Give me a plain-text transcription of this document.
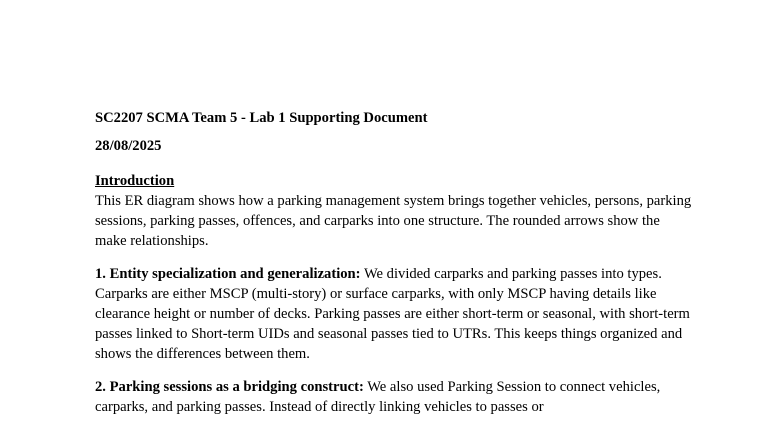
SC2207 SCMA Team 5 - Lab 1 Supporting Document

28/08/2025

Introduction

This ER diagram shows how a parking management system brings together vehicles, persons, parking sessions, parking passes, offences, and carparks into one structure. The rounded arrows show the make relationships.

1. Entity specialization and generalization: We divided carparks and parking passes into types. Carparks are either MSCP (multi-story) or surface carparks, with only MSCP having details like clearance height or number of decks. Parking passes are either short-term or seasonal, with short-term passes linked to Short-term UIDs and seasonal passes tied to UTRs. This keeps things organized and shows the differences between them.
2. Parking sessions as a bridging construct: We also used Parking Session to connect vehicles, carparks, and parking passes. Instead of directly linking vehicles to passes or
